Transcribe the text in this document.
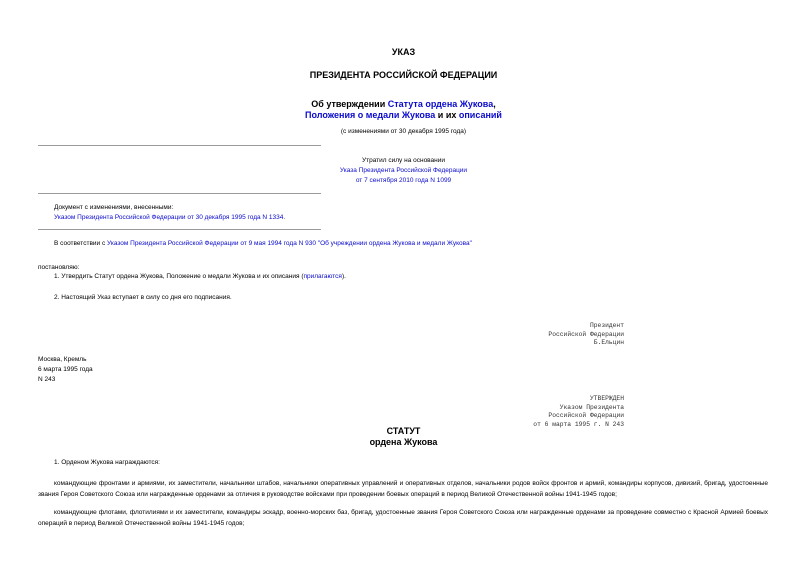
УКАЗ
ПРЕЗИДЕНТА РОССИЙСКОЙ ФЕДЕРАЦИИ
Об утверждении Статута ордена Жукова,
Положения о медали Жукова и их описаний
(с изменениями от 30 декабря 1995 года)
Утратил силу на основании
Указа Президента Российской Федерации
от 7 сентября 2010 года N 1099
Документ с изменениями, внесенными:
Указом Президента Российской Федерации от 30 декабря 1995 года N 1334.
В соответствии с Указом Президента Российской Федерации от 9 мая 1994 года N 930 "Об учреждении ордена Жукова и медали Жукова"
постановляю:
1. Утвердить Статут ордена Жукова, Положение о медали Жукова и их описания (прилагаются).
2. Настоящий Указ вступает в силу со дня его подписания.
Президент
Российской Федерации
Б.Ельцин
Москва, Кремль
6 марта 1995 года
N 243
УТВЕРЖДЕН
Указом Президента
Российской Федерации
от 6 марта 1995 г. N 243
СТАТУТ
ордена Жукова
1. Орденом Жукова награждаются:
командующие фронтами и армиями, их заместители, начальники штабов, начальники оперативных управлений и оперативных отделов, начальники родов войск фронтов и армий, командиры корпусов, дивизий, бригад, удостоенные звания Героя Советского Союза или награжденные орденами за отличия в руководстве войсками при проведении боевых операций в период Великой Отечественной войны 1941-1945 годов;
командующие флотами, флотилиями и их заместители, командиры эскадр, военно-морских баз, бригад, удостоенные звания Героя Советского Союза или награжденные орденами за проведение совместно с Красной Армией боевых операций в период Великой Отечественной войны 1941-1945 годов;
